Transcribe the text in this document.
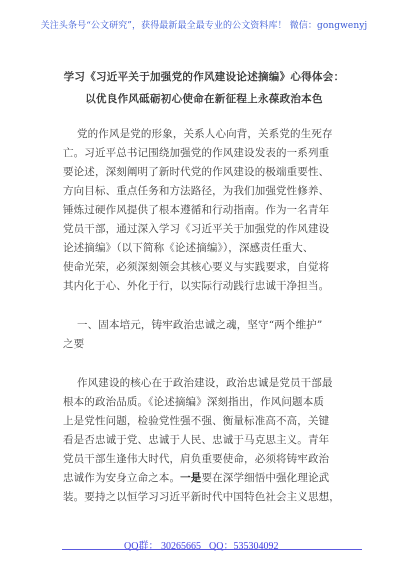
关注头条号“公文研究”，获得最新最全最专业的公文资料库！ 微信：gongwenyj
学习《习近平关于加强党的作风建设论述摘编》心得体会：
以优良作风砥砺初心使命在新征程上永葆政治本色
党的作风是党的形象，关系人心向背，关系党的生死存
亡。习近平总书记围绕加强党的作风建设发表的一系列重
要论述，深刻阐明了新时代党的作风建设的极端重要性、
方向目标、重点任务和方法路径，为我们加强党性修养、
锤炼过硬作风提供了根本遵循和行动指南。作为一名青年
党员干部，通过深入学习《习近平关于加强党的作风建设
论述摘编》（以下简称《论述摘编》），深感责任重大、
使命光荣，必须深刻领会其核心要义与实践要求，自觉将
其内化于心、外化于行，以实际行动践行忠诚干净担当。
一、固本培元，铸牢政治忠诚之魂，坚守“两个维护”
之要
作风建设的核心在于政治建设，政治忠诚是党员干部最
根本的政治品质。《论述摘编》深刻指出，作风问题本质
上是党性问题，检验党性强不强、衡量标准高不高，关键
看是否忠诚于党、忠诚于人民、忠诚于马克思主义。青年
党员干部生逢伟大时代，肩负重要使命，必须将铸牢政治
忠诚作为安身立命之本。一是要在深学细悟中强化理论武
装。要持之以恒学习习近平新时代中国特色社会主义思想，
QQ群： 30265665 QQ：535304092
